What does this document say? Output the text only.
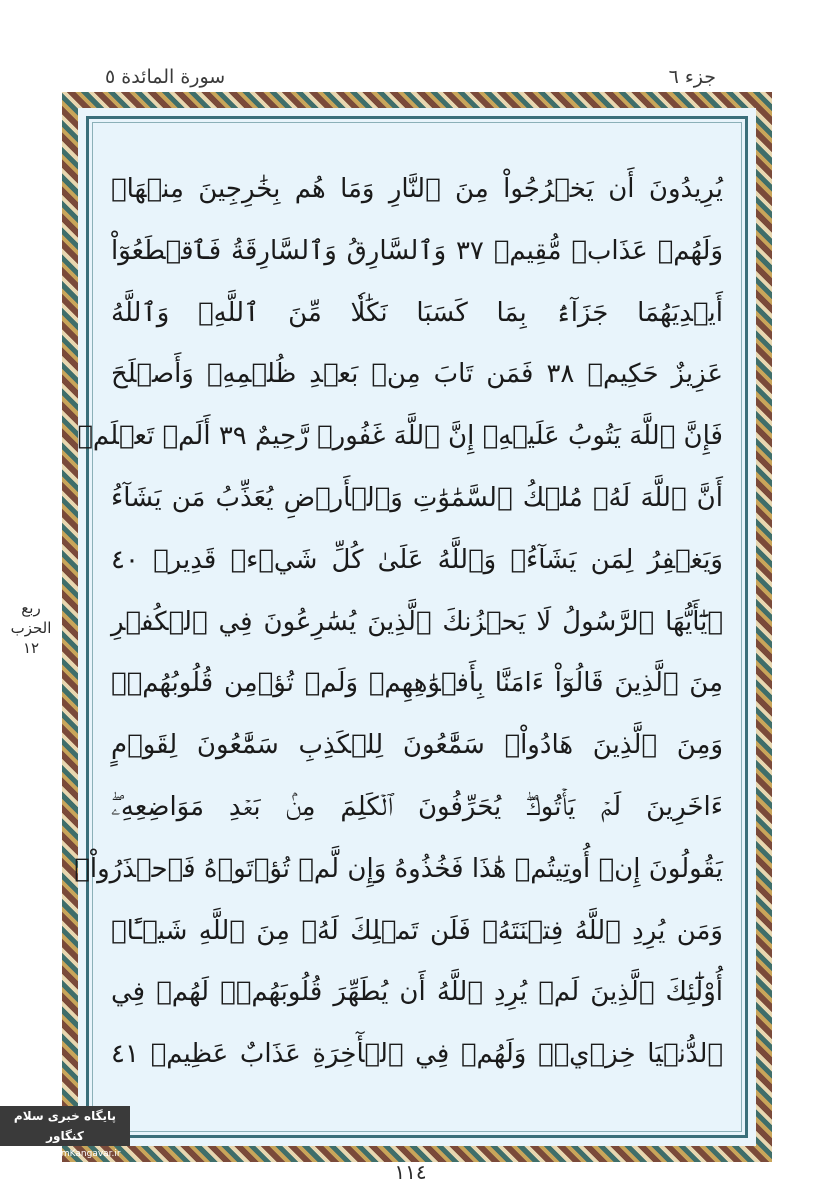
جزء ٦
سورة المائدة ٥
يُرِيدُونَ أَن يَخۡرُجُواْ مِنَ ٱلنَّارِ وَمَا هُم بِخَٰرِجِينَ مِنۡهَاۖ
وَلَهُمۡ عَذَابٞ مُّقِيمٞ ٣٧ وَٱلسَّارِقُ وَٱلسَّارِقَةُ فَٱقۡطَعُوٓاْ
أَيۡدِيَهُمَا جَزَآءَۢ بِمَا كَسَبَا نَكَٰلٗا مِّنَ ٱللَّهِۗ وَٱللَّهُ
عَزِيزٌ حَكِيمٞ ٣٨ فَمَن تَابَ مِنۢ بَعۡدِ ظُلۡمِهِۦ وَأَصۡلَحَ
فَإِنَّ ٱللَّهَ يَتُوبُ عَلَيۡهِۚ إِنَّ ٱللَّهَ غَفُورٞ رَّحِيمٌ ٣٩ أَلَمۡ تَعۡلَمۡ
أَنَّ ٱللَّهَ لَهُۥ مُلۡكُ ٱلسَّمَٰوَٰتِ وَٱلۡأَرۡضِ يُعَذِّبُ مَن يَشَآءُ
وَيَغۡفِرُ لِمَن يَشَآءُۗ وَٱللَّهُ عَلَىٰ كُلِّ شَيۡءٖ قَدِيرٞ ٤٠
۞يَٰٓأَيُّهَا ٱلرَّسُولُ لَا يَحۡزُنكَ ٱلَّذِينَ يُسَٰرِعُونَ فِي ٱلۡكُفۡرِ
مِنَ ٱلَّذِينَ قَالُوٓاْ ءَامَنَّا بِأَفۡوَٰهِهِمۡ وَلَمۡ تُؤۡمِن قُلُوبُهُمۡۛ
وَمِنَ ٱلَّذِينَ هَادُواْۛ سَمَّٰعُونَ لِلۡكَذِبِ سَمَّٰعُونَ لِقَوۡمٍ
ءَاخَرِينَ لَمۡ يَأۡتُوكَۖ يُحَرِّفُونَ ٱلۡكَلِمَ مِنۢ بَعۡدِ مَوَاضِعِهِۦۖ
يَقُولُونَ إِنۡ أُوتِيتُمۡ هَٰذَا فَخُذُوهُ وَإِن لَّمۡ تُؤۡتَوۡهُ فَٱحۡذَرُواْۚ
وَمَن يُرِدِ ٱللَّهُ فِتۡنَتَهُۥ فَلَن تَمۡلِكَ لَهُۥ مِنَ ٱللَّهِ شَيۡـًٔاۚ
أُوْلَٰٓئِكَ ٱلَّذِينَ لَمۡ يُرِدِ ٱللَّهُ أَن يُطَهِّرَ قُلُوبَهُمۡۚ لَهُمۡ فِي
ٱلدُّنۡيَا خِزۡيٞۖ وَلَهُمۡ فِي ٱلۡأٓخِرَةِ عَذَابٌ عَظِيمٞ ٤١
ربع
الحزب
١٢
پایگاه خبری سلام کنگاور
https://SalamKangavar.ir
١١٤
